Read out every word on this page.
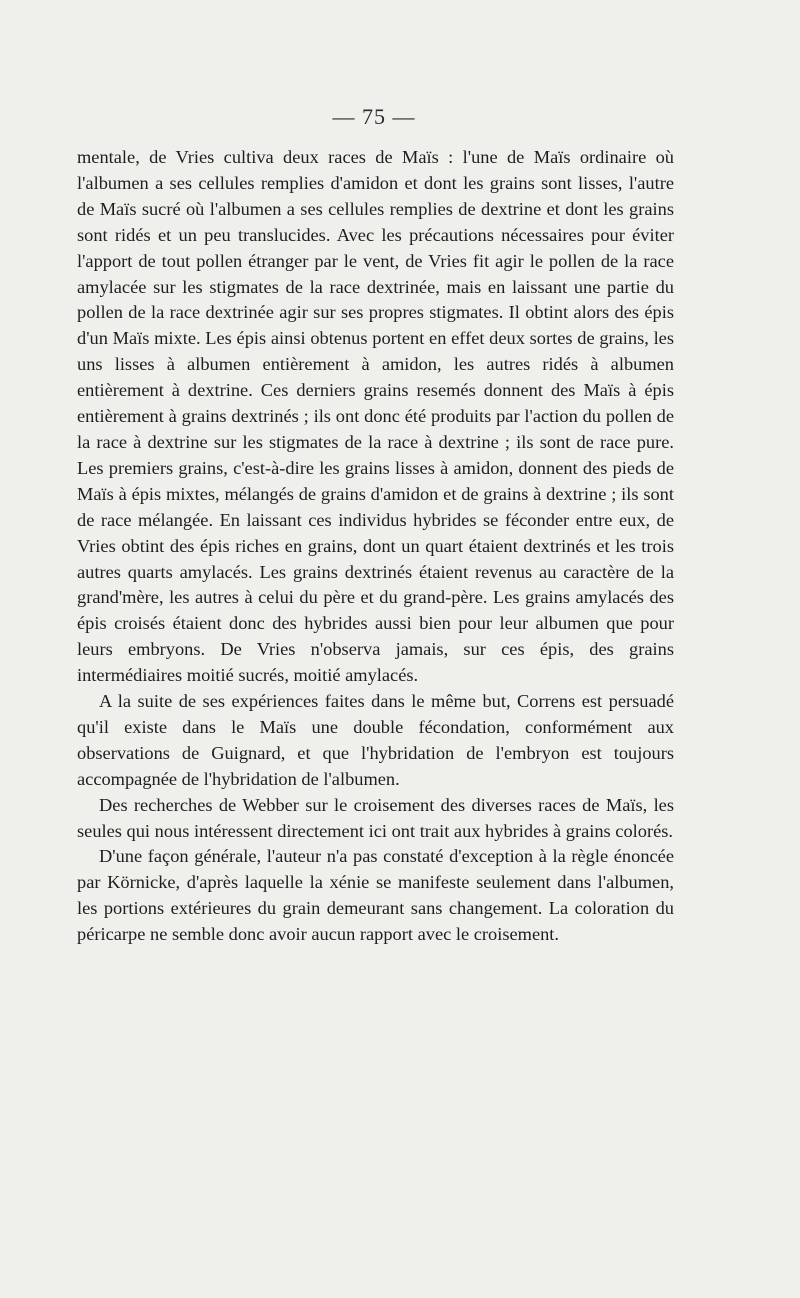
— 75 —

mentale, de Vries cultiva deux races de Maïs : l'une de Maïs ordinaire où l'albumen a ses cellules remplies d'amidon et dont les grains sont lisses, l'autre de Maïs sucré où l'albumen a ses cellules remplies de dextrine et dont les grains sont ridés et un peu translucides. Avec les précautions nécessaires pour éviter l'apport de tout pollen étranger par le vent, de Vries fit agir le pollen de la race amylacée sur les stigmates de la race dextrinée, mais en laissant une partie du pollen de la race dextrinée agir sur ses propres stigmates. Il obtint alors des épis d'un Maïs mixte. Les épis ainsi obtenus portent en effet deux sortes de grains, les uns lisses à albumen entièrement à amidon, les autres ridés à albumen entièrement à dextrine. Ces derniers grains resemés donnent des Maïs à épis entièrement à grains dextrinés ; ils ont donc été produits par l'action du pollen de la race à dextrine sur les stigmates de la race à dextrine ; ils sont de race pure. Les premiers grains, c'est-à-dire les grains lisses à amidon, donnent des pieds de Maïs à épis mixtes, mélangés de grains d'amidon et de grains à dextrine ; ils sont de race mélangée. En laissant ces individus hybrides se féconder entre eux, de Vries obtint des épis riches en grains, dont un quart étaient dextrinés et les trois autres quarts amylacés. Les grains dextrinés étaient revenus au caractère de la grand'mère, les autres à celui du père et du grand-père. Les grains amylacés des épis croisés étaient donc des hybrides aussi bien pour leur albumen que pour leurs embryons. De Vries n'observa jamais, sur ces épis, des grains intermédiaires moitié sucrés, moitié amylacés.

A la suite de ses expériences faites dans le même but, Correns est persuadé qu'il existe dans le Maïs une double fécondation, conformément aux observations de Guignard, et que l'hybridation de l'embryon est toujours accompagnée de l'hybridation de l'albumen.

Des recherches de Webber sur le croisement des diverses races de Maïs, les seules qui nous intéressent directement ici ont trait aux hybrides à grains colorés.

D'une façon générale, l'auteur n'a pas constaté d'exception à la règle énoncée par Körnicke, d'après laquelle la xénie se manifeste seulement dans l'albumen, les portions extérieures du grain demeurant sans changement. La coloration du péricarpe ne semble donc avoir aucun rapport avec le croisement.
